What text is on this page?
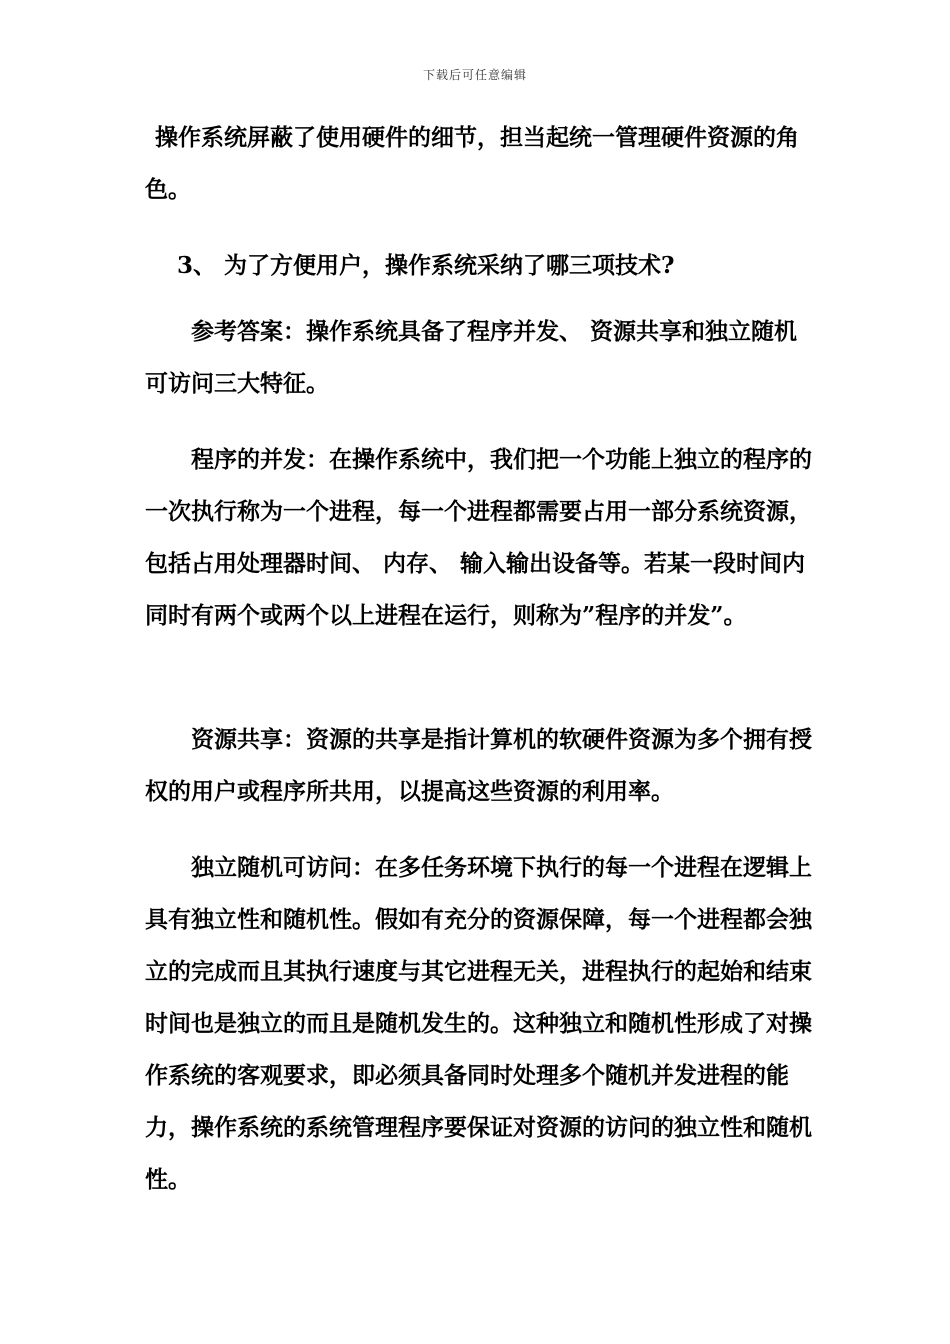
下载后可任意编辑

操作系统屏蔽了使用硬件的细节，担当起统一管理硬件资源的角色。

3、 为了方便用户，操作系统采纳了哪三项技术?

参考答案：操作系统具备了程序并发、 资源共享和独立随机可访问三大特征。

程序的并发：在操作系统中，我们把一个功能上独立的程序的一次执行称为一个进程，每一个进程都需要占用一部分系统资源，包括占用处理器时间、 内存、 输入输出设备等。若某一段时间内同时有两个或两个以上进程在运行，则称为”程序的并发”。

资源共享：资源的共享是指计算机的软硬件资源为多个拥有授权的用户或程序所共用，以提高这些资源的利用率。

独立随机可访问：在多任务环境下执行的每一个进程在逻辑上具有独立性和随机性。假如有充分的资源保障，每一个进程都会独立的完成而且其执行速度与其它进程无关，进程执行的起始和结束时间也是独立的而且是随机发生的。这种独立和随机性形成了对操作系统的客观要求，即必须具备同时处理多个随机并发进程的能力，操作系统的系统管理程序要保证对资源的访问的独立性和随机性。
